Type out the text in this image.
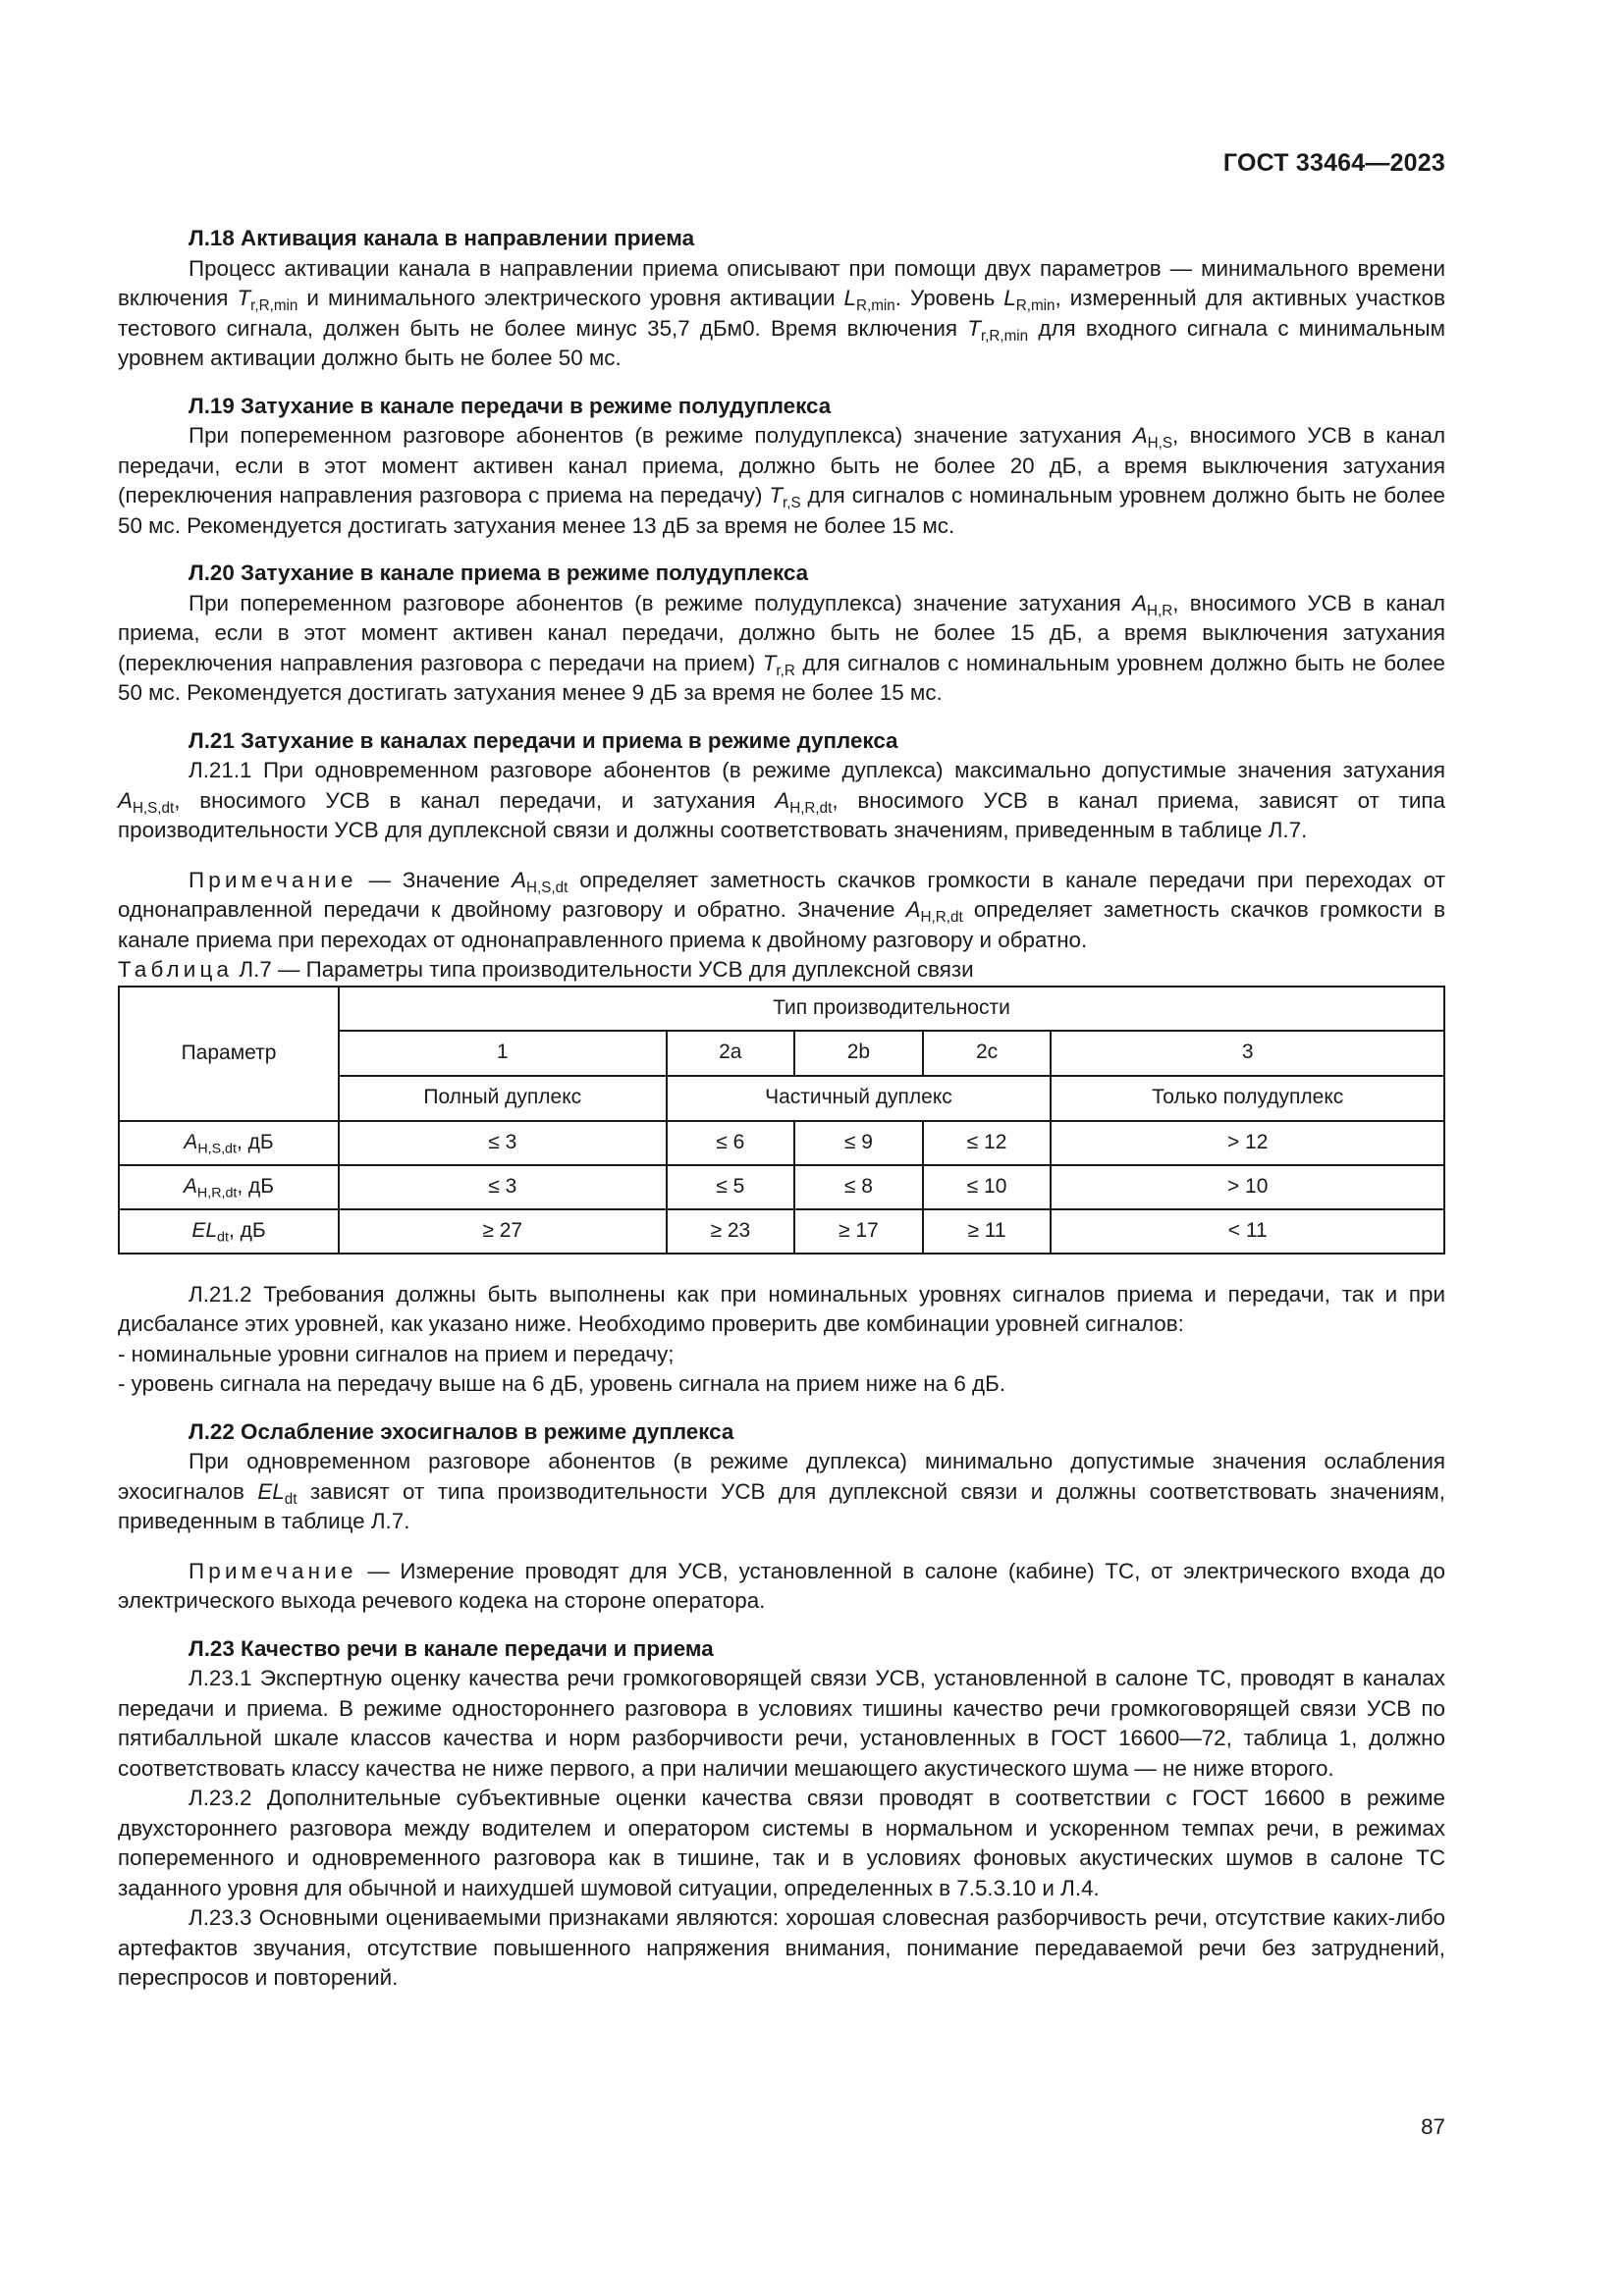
ГОСТ 33464—2023

Л.18 Активация канала в направлении приема

Процесс активации канала в направлении приема описывают при помощи двух параметров — минимального времени включения $T_{r,R,min}$ и минимального электрического уровня активации $L_{R,min}$. Уровень $L_{R,min}$, измеренный для активных участков тестового сигнала, должен быть не более минус 35,7 дБм0. Время включения $T_{r,R,min}$ для входного сигнала с минимальным уровнем активации должно быть не более 50 мс.

Л.19 Затухание в канале передачи в режиме полудуплекса

При попеременном разговоре абонентов (в режиме полудуплекса) значение затухания $A_{H,S}$, вносимого УСВ в канал передачи, если в этот момент активен канал приема, должно быть не более 20 дБ, а время выключения затухания (переключения направления разговора с приема на передачу) $T_{r,S}$ для сигналов с номинальным уровнем должно быть не более 50 мс. Рекомендуется достигать затухания менее 13 дБ за время не более 15 мс.

Л.20 Затухание в канале приема в режиме полудуплекса

При попеременном разговоре абонентов (в режиме полудуплекса) значение затухания $A_{H,R}$, вносимого УСВ в канал приема, если в этот момент активен канал передачи, должно быть не более 15 дБ, а время выключения затухания (переключения направления разговора с передачи на прием) $T_{r,R}$ для сигналов с номинальным уровнем должно быть не более 50 мс. Рекомендуется достигать затухания менее 9 дБ за время не более 15 мс.

Л.21 Затухание в каналах передачи и приема в режиме дуплекса

Л.21.1 При одновременном разговоре абонентов (в режиме дуплекса) максимально допустимые значения затухания $A_{H,S,dt}$, вносимого УСВ в канал передачи, и затухания $A_{H,R,dt}$, вносимого УСВ в канал приема, зависят от типа производительности УСВ для дуплексной связи и должны соответствовать значениям, приведенным в таблице Л.7.

Примечание — Значение $A_{H,S,dt}$ определяет заметность скачков громкости в канале передачи при переходах от однонаправленной передачи к двойному разговору и обратно. Значение $A_{H,R,dt}$ определяет заметность скачков громкости в канале приема при переходах от однонаправленного приема к двойному разговору и обратно.

Таблица Л.7 — Параметры типа производительности УСВ для дуплексной связи

Параметр	Тип производительности				
	1	2a	2b	2c	3
	Полный дуплекс	Частичный дуплекс			Только полудуплекс
$A_{H,S,dt}$, дБ	≤ 3	≤ 6	≤ 9	≤ 12	> 12
$A_{H,R,dt}$, дБ	≤ 3	≤ 5	≤ 8	≤ 10	> 10
$EL_{dt}$, дБ	≥ 27	≥ 23	≥ 17	≥ 11	< 11

Л.21.2 Требования должны быть выполнены как при номинальных уровнях сигналов приема и передачи, так и при дисбалансе этих уровней, как указано ниже. Необходимо проверить две комбинации уровней сигналов:

- номинальные уровни сигналов на прием и передачу;

- уровень сигнала на передачу выше на 6 дБ, уровень сигнала на прием ниже на 6 дБ.

Л.22 Ослабление эхосигналов в режиме дуплекса

При одновременном разговоре абонентов (в режиме дуплекса) минимально допустимые значения ослабления эхосигналов $EL_{dt}$ зависят от типа производительности УСВ для дуплексной связи и должны соответствовать значениям, приведенным в таблице Л.7.

Примечание — Измерение проводят для УСВ, установленной в салоне (кабине) ТС, от электрического входа до электрического выхода речевого кодека на стороне оператора.

Л.23 Качество речи в канале передачи и приема

Л.23.1 Экспертную оценку качества речи громкоговорящей связи УСВ, установленной в салоне ТС, проводят в каналах передачи и приема. В режиме одностороннего разговора в условиях тишины качество речи громкоговорящей связи УСВ по пятибалльной шкале классов качества и норм разборчивости речи, установленных в ГОСТ 16600—72, таблица 1, должно соответствовать классу качества не ниже первого, а при наличии мешающего акустического шума — не ниже второго.

Л.23.2 Дополнительные субъективные оценки качества связи проводят в соответствии с ГОСТ 16600 в режиме двухстороннего разговора между водителем и оператором системы в нормальном и ускоренном темпах речи, в режимах попеременного и одновременного разговора как в тишине, так и в условиях фоновых акустических шумов в салоне ТС заданного уровня для обычной и наихудшей шумовой ситуации, определенных в 7.5.3.10 и Л.4.

Л.23.3 Основными оцениваемыми признаками являются: хорошая словесная разборчивость речи, отсутствие каких-либо артефактов звучания, отсутствие повышенного напряжения внимания, понимание передаваемой речи без затруднений, переспросов и повторений.

87
